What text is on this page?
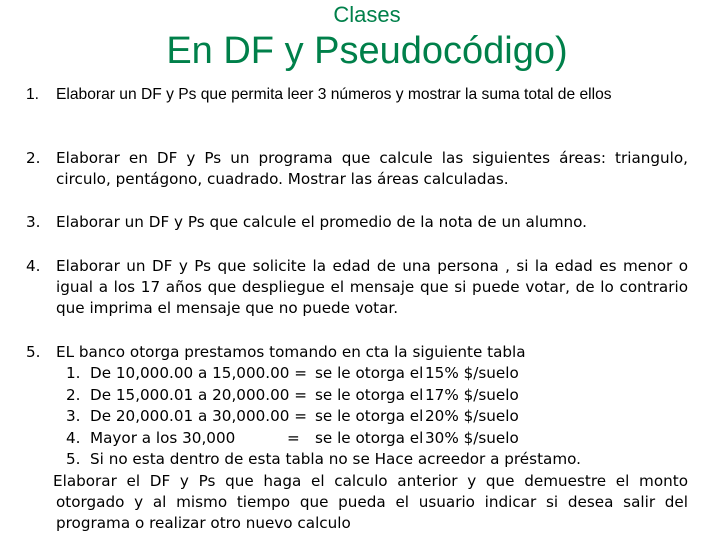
Clases
En DF y Pseudocódigo)
1. Elaborar un DF y Ps que permita leer 3 números y mostrar la suma total de ellos
2. Elaborar en DF y Ps un programa que calcule las siguientes áreas: triangulo, circulo, pentágono, cuadrado. Mostrar las áreas calculadas.
3. Elaborar un DF y Ps que calcule el promedio de la nota de un alumno.
4. Elaborar un DF y Ps que solicite la edad de una persona , si la edad es menor o igual a los 17 años que despliegue el mensaje que si puede votar, de lo contrario que imprima el mensaje que no puede votar.
5. EL banco otorga prestamos tomando en cta la siguiente tabla
1. De 10,000.00 a 15,000.00 = se le otorga el 15% $/suelo
2. De 15,000.01 a 20,000.00 = se le otorga el 17% $/suelo
3. De 20,000.01 a 30,000.00 = se le otorga el 20% $/suelo
4. Mayor a los 30,000	= se le otorga el 30% $/suelo
5. Si no esta dentro de esta tabla no se Hace acreedor a préstamo.
Elaborar el DF y Ps que haga el calculo anterior y que demuestre el monto otorgado y al mismo tiempo que pueda el usuario indicar si desea salir del programa o realizar otro nuevo calculo
